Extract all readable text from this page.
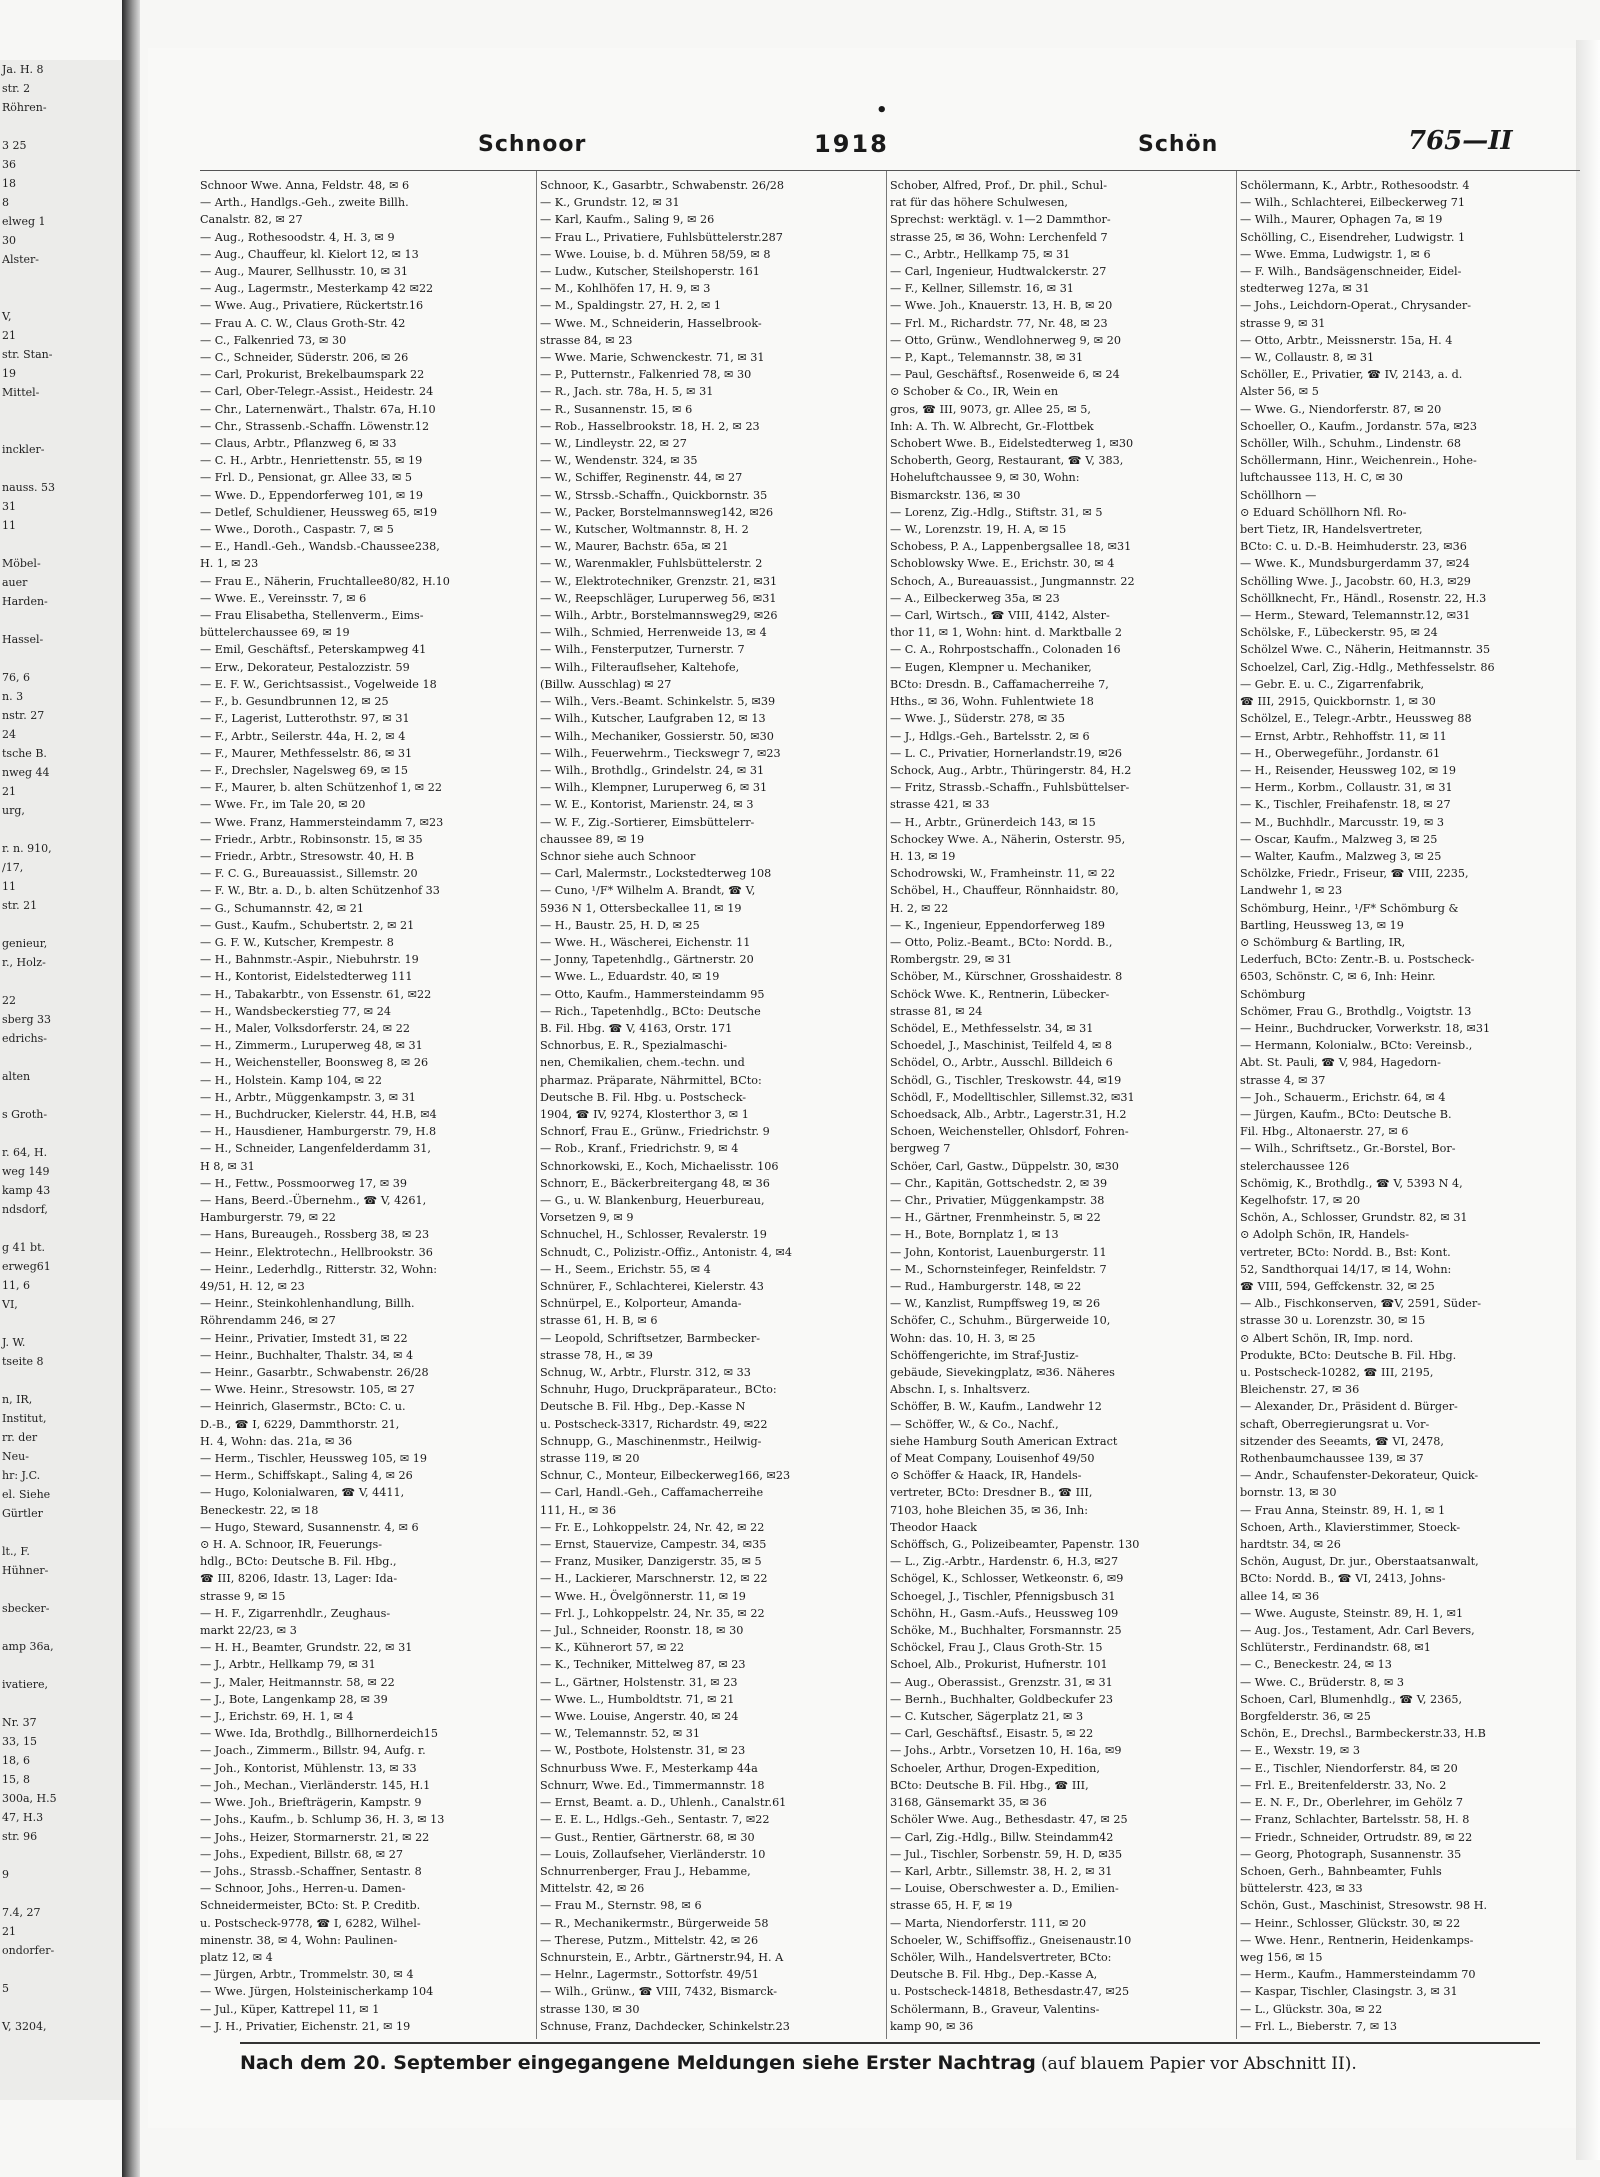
Ja. H. 8
str. 2
Röhren-

3 25
36
18
8
elweg 1
30
Alster-

V,
21
str. Stan-
19
Mittel-

inckler-

nauss. 53
31
11

Möbel-
auer
Harden-

Hassel-

76, 6
n. 3
nstr. 27
24
tsche B.
nweg 44
21
urg,

r. n. 910,
/17,
11
str. 21

genieur,
r., Holz-

22
sberg 33
edrichs-

alten

s Groth-

r. 64, H.
weg 149
kamp 43
ndsdorf,

g 41 bt.
erweg61
11, 6
VI,

J. W.
tseite 8

n, IR,
Institut,
rr. der
Neu-
hr: J.C.
el. Siehe
Gürtler

lt., F.
Hühner-

sbecker-

amp 36a,

ivatiere,

Nr. 37
33, 15
18, 6
15, 8
300a, H.5
47, H.3
str. 96

9

7.4, 27
21
ondorfer-

5

V, 3204,
•
Schnoor	1918	Schön	765—II
Schnoor Wwe. Anna, Feldstr. 48, ✉ 6
— Arth., Handlgs.-Geh., zweite Billh.
Canalstr. 82, ✉ 27
— Aug., Rothesoodstr. 4, H. 3, ✉ 9
— Aug., Chauffeur, kl. Kielort 12, ✉ 13
— Aug., Maurer, Sellhusstr. 10, ✉ 31
— Aug., Lagermstr., Mesterkamp 42 ✉22
— Wwe. Aug., Privatiere, Rückertstr.16
— Frau A. C. W., Claus Groth-Str. 42
— C., Falkenried 73, ✉ 30
— C., Schneider, Süderstr. 206, ✉ 26
— Carl, Prokurist, Brekelbaumspark 22
— Carl, Ober-Telegr.-Assist., Heidestr. 24
— Chr., Laternenwärt., Thalstr. 67a, H.10
— Chr., Strassenb.-Schaffn. Löwenstr.12
— Claus, Arbtr., Pflanzweg 6, ✉ 33
— C. H., Arbtr., Henriettenstr. 55, ✉ 19
— Frl. D., Pensionat, gr. Allee 33, ✉ 5
— Wwe. D., Eppendorferweg 101, ✉ 19
— Detlef, Schuldiener, Heussweg 65, ✉19
— Wwe., Doroth., Caspastr. 7, ✉ 5
— E., Handl.-Geh., Wandsb.-Chaussee238,
H. 1, ✉ 23
— Frau E., Näherin, Fruchtallee80/82, H.10
— Wwe. E., Vereinsstr. 7, ✉ 6
— Frau Elisabetha, Stellenverm., Eims-
büttelerchaussee 69, ✉ 19
— Emil, Geschäftsf., Peterskampweg 41
— Erw., Dekorateur, Pestalozzistr. 59
— E. F. W., Gerichtsassist., Vogelweide 18
— F., b. Gesundbrunnen 12, ✉ 25
— F., Lagerist, Lutterothstr. 97, ✉ 31
— F., Arbtr., Seilerstr. 44a, H. 2, ✉ 4
— F., Maurer, Methfesselstr. 86, ✉ 31
— F., Drechsler, Nagelsweg 69, ✉ 15
— F., Maurer, b. alten Schützenhof 1, ✉ 22
— Wwe. Fr., im Tale 20, ✉ 20
— Wwe. Franz, Hammersteindamm 7, ✉23
— Friedr., Arbtr., Robinsonstr. 15, ✉ 35
— Friedr., Arbtr., Stresowstr. 40, H. B
— F. C. G., Bureauassist., Sillemstr. 20
— F. W., Btr. a. D., b. alten Schützenhof 33
— G., Schumannstr. 42, ✉ 21
— Gust., Kaufm., Schubertstr. 2, ✉ 21
— G. F. W., Kutscher, Krempestr. 8
— H., Bahnmstr.-Aspir., Niebuhrstr. 19
— H., Kontorist, Eidelstedterweg 111
— H., Tabakarbtr., von Essenstr. 61, ✉22
— H., Wandsbeckerstieg 77, ✉ 24
— H., Maler, Volksdorferstr. 24, ✉ 22
— H., Zimmerm., Luruperweg 48, ✉ 31
— H., Weichensteller, Boonsweg 8, ✉ 26
— H., Holstein. Kamp 104, ✉ 22
— H., Arbtr., Müggenkampstr. 3, ✉ 31
— H., Buchdrucker, Kielerstr. 44, H.B, ✉4
— H., Hausdiener, Hamburgerstr. 79, H.8
— H., Schneider, Langenfelderdamm 31,
H 8, ✉ 31
— H., Fettw., Possmoorweg 17, ✉ 39
— Hans, Beerd.-Übernehm., ☎ V, 4261,
Hamburgerstr. 79, ✉ 22
— Hans, Bureaugeh., Rossberg 38, ✉ 23
— Heinr., Elektrotechn., Hellbrookstr. 36
— Heinr., Lederhdlg., Ritterstr. 32, Wohn:
49/51, H. 12, ✉ 23
— Heinr., Steinkohlenhandlung, Billh.
Röhrendamm 246, ✉ 27
— Heinr., Privatier, Imstedt 31, ✉ 22
— Heinr., Buchhalter, Thalstr. 34, ✉ 4
— Heinr., Gasarbtr., Schwabenstr. 26/28
— Wwe. Heinr., Stresowstr. 105, ✉ 27
— Heinrich, Glasermstr., BCto: C. u.
D.-B., ☎ I, 6229, Dammthorstr. 21,
H. 4, Wohn: das. 21a, ✉ 36
— Herm., Tischler, Heussweg 105, ✉ 19
— Herm., Schiffskapt., Saling 4, ✉ 26
— Hugo, Kolonialwaren, ☎ V, 4411,
Beneckestr. 22, ✉ 18
— Hugo, Steward, Susannenstr. 4, ✉ 6
⊙ H. A. Schnoor, IR, Feuerungs-
hdlg., BCto: Deutsche B. Fil. Hbg.,
☎ III, 8206, Idastr. 13, Lager: Ida-
strasse 9, ✉ 15
— H. F., Zigarrenhdlr., Zeughaus-
markt 22/23, ✉ 3
— H. H., Beamter, Grundstr. 22, ✉ 31
— J., Arbtr., Hellkamp 79, ✉ 31
— J., Maler, Heitmannstr. 58, ✉ 22
— J., Bote, Langenkamp 28, ✉ 39
— J., Erichstr. 69, H. 1, ✉ 4
— Wwe. Ida, Brothdlg., Billhornerdeich15
— Joach., Zimmerm., Billstr. 94, Aufg. r.
— Joh., Kontorist, Mühlenstr. 13, ✉ 33
— Joh., Mechan., Vierländerstr. 145, H.1
— Wwe. Joh., Briefträgerin, Kampstr. 9
— Johs., Kaufm., b. Schlump 36, H. 3, ✉ 13
— Johs., Heizer, Stormarnerstr. 21, ✉ 22
— Johs., Expedient, Billstr. 68, ✉ 27
— Johs., Strassb.-Schaffner, Sentastr. 8
— Schnoor, Johs., Herren-u. Damen-
Schneidermeister, BCto: St. P. Creditb.
u. Postscheck-9778, ☎ I, 6282, Wilhel-
minenstr. 38, ✉ 4, Wohn: Paulinen-
platz 12, ✉ 4
— Jürgen, Arbtr., Trommelstr. 30, ✉ 4
— Wwe. Jürgen, Holsteinischerkamp 104
— Jul., Küper, Kattrepel 11, ✉ 1
— J. H., Privatier, Eichenstr. 21, ✉ 19
Schnoor, K., Gasarbtr., Schwabenstr. 26/28
— K., Grundstr. 12, ✉ 31
— Karl, Kaufm., Saling 9, ✉ 26
— Frau L., Privatiere, Fuhlsbüttelerstr.287
— Wwe. Louise, b. d. Mühren 58/59, ✉ 8
— Ludw., Kutscher, Steilshoperstr. 161
— M., Kohlhöfen 17, H. 9, ✉ 3
— M., Spaldingstr. 27, H. 2, ✉ 1
— Wwe. M., Schneiderin, Hasselbrook-
strasse 84, ✉ 23
— Wwe. Marie, Schwenckestr. 71, ✉ 31
— P., Putternstr., Falkenried 78, ✉ 30
— R., Jach. str. 78a, H. 5, ✉ 31
— R., Susannenstr. 15, ✉ 6
— Rob., Hasselbrookstr. 18, H. 2, ✉ 23
— W., Lindleystr. 22, ✉ 27
— W., Wendenstr. 324, ✉ 35
— W., Schiffer, Reginenstr. 44, ✉ 27
— W., Strssb.-Schaffn., Quickbornstr. 35
— W., Packer, Borstelmannsweg142, ✉26
— W., Kutscher, Woltmannstr. 8, H. 2
— W., Maurer, Bachstr. 65a, ✉ 21
— W., Warenmakler, Fuhlsbüttelerstr. 2
— W., Elektrotechniker, Grenzstr. 21, ✉31
— W., Reepschläger, Luruperweg 56, ✉31
— Wilh., Arbtr., Borstelmannsweg29, ✉26
— Wilh., Schmied, Herrenweide 13, ✉ 4
— Wilh., Fensterputzer, Turnerstr. 7
— Wilh., Filterauflseher, Kaltehofe,
(Billw. Ausschlag) ✉ 27
— Wilh., Vers.-Beamt. Schinkelstr. 5, ✉39
— Wilh., Kutscher, Laufgraben 12, ✉ 13
— Wilh., Mechaniker, Gossierstr. 50, ✉30
— Wilh., Feuerwehrm., Tieckswegr 7, ✉23
— Wilh., Brothdlg., Grindelstr. 24, ✉ 31
— Wilh., Klempner, Luruperweg 6, ✉ 31
— W. E., Kontorist, Marienstr. 24, ✉ 3
— W. F., Zig.-Sortierer, Eimsbüttelerr-
chaussee 89, ✉ 19
Schnor siehe auch Schnoor
— Carl, Malermstr., Lockstedterweg 108
— Cuno, ¹/F* Wilhelm A. Brandt, ☎ V,
5936 N 1, Ottersbeckallee 11, ✉ 19
— H., Baustr. 25, H. D, ✉ 25
— Wwe. H., Wäscherei, Eichenstr. 11
— Jonny, Tapetenhdlg., Gärtnerstr. 20
— Wwe. L., Eduardstr. 40, ✉ 19
— Otto, Kaufm., Hammersteindamm 95
— Rich., Tapetenhdlg., BCto: Deutsche
B. Fil. Hbg. ☎ V, 4163, Orstr. 171
Schnorbus, E. R., Spezialmaschi-
nen, Chemikalien, chem.-techn. und
pharmaz. Präparate, Nährmittel, BCto:
Deutsche B. Fil. Hbg. u. Postscheck-
1904, ☎ IV, 9274, Klosterthor 3, ✉ 1
Schnorf, Frau E., Grünw., Friedrichstr. 9
— Rob., Kranf., Friedrichstr. 9, ✉ 4
Schnorkowski, E., Koch, Michaelisstr. 106
Schnorr, E., Bäckerbreitergang 48, ✉ 36
— G., u. W. Blankenburg, Heuerbureau,
Vorsetzen 9, ✉ 9
Schnuchel, H., Schlosser, Revalerstr. 19
Schnudt, C., Polizistr.-Offiz., Antonistr. 4, ✉4
— H., Seem., Erichstr. 55, ✉ 4
Schnürer, F., Schlachterei, Kielerstr. 43
Schnürpel, E., Kolporteur, Amanda-
strasse 61, H. B, ✉ 6
— Leopold, Schriftsetzer, Barmbecker-
strasse 78, H., ✉ 39
Schnug, W., Arbtr., Flurstr. 312, ✉ 33
Schnuhr, Hugo, Druckpräparateur., BCto:
Deutsche B. Fil. Hbg., Dep.-Kasse N
u. Postscheck-3317, Richardstr. 49, ✉22
Schnupp, G., Maschinenmstr., Heilwig-
strasse 119, ✉ 20
Schnur, C., Monteur, Eilbeckerweg166, ✉23
— Carl, Handl.-Geh., Caffamacherreihe
111, H., ✉ 36
— Fr. E., Lohkoppelstr. 24, Nr. 42, ✉ 22
— Ernst, Stauervize, Campestr. 34, ✉35
— Franz, Musiker, Danzigerstr. 35, ✉ 5
— H., Lackierer, Marschnerstr. 12, ✉ 22
— Wwe. H., Övelgönnerstr. 11, ✉ 19
— Frl. J., Lohkoppelstr. 24, Nr. 35, ✉ 22
— Jul., Schneider, Roonstr. 18, ✉ 30
— K., Kühnerort 57, ✉ 22
— K., Techniker, Mittelweg 87, ✉ 23
— L., Gärtner, Holstenstr. 31, ✉ 23
— Wwe. L., Humboldtstr. 71, ✉ 21
— Wwe. Louise, Angerstr. 40, ✉ 24
— W., Telemannstr. 52, ✉ 31
— W., Postbote, Holstenstr. 31, ✉ 23
Schnurbuss Wwe. F., Mesterkamp 44a
Schnurr, Wwe. Ed., Timmermannstr. 18
— Ernst, Beamt. a. D., Uhlenh., Canalstr.61
— E. E. L., Hdlgs.-Geh., Sentastr. 7, ✉22
— Gust., Rentier, Gärtnerstr. 68, ✉ 30
— Louis, Zollaufseher, Vierländerstr. 10
Schnurrenberger, Frau J., Hebamme,
Mittelstr. 42, ✉ 26
— Frau M., Sternstr. 98, ✉ 6
— R., Mechanikermstr., Bürgerweide 58
— Therese, Putzm., Mittelstr. 42, ✉ 26
Schnurstein, E., Arbtr., Gärtnerstr.94, H. A
— Helnr., Lagermstr., Sottorfstr. 49/51
— Wilh., Grünw., ☎ VIII, 7432, Bismarck-
strasse 130, ✉ 30
Schnuse, Franz, Dachdecker, Schinkelstr.23
Schober, Alfred, Prof., Dr. phil., Schul-
rat für das höhere Schulwesen,
Sprechst: werktägl. v. 1—2 Dammthor-
strasse 25, ✉ 36, Wohn: Lerchenfeld 7
— C., Arbtr., Hellkamp 75, ✉ 31
— Carl, Ingenieur, Hudtwalckerstr. 27
— F., Kellner, Sillemstr. 16, ✉ 31
— Wwe. Joh., Knauerstr. 13, H. B, ✉ 20
— Frl. M., Richardstr. 77, Nr. 48, ✉ 23
— Otto, Grünw., Wendlohnerweg 9, ✉ 20
— P., Kapt., Telemannstr. 38, ✉ 31
— Paul, Geschäftsf., Rosenweide 6, ✉ 24
⊙ Schober & Co., IR, Wein en
gros, ☎ III, 9073, gr. Allee 25, ✉ 5,
Inh: A. Th. W. Albrecht, Gr.-Flottbek
Schobert Wwe. B., Eidelstedterweg 1, ✉30
Schoberth, Georg, Restaurant, ☎ V, 383,
Hoheluftchaussee 9, ✉ 30, Wohn:
Bismarckstr. 136, ✉ 30
— Lorenz, Zig.-Hdlg., Stiftstr. 31, ✉ 5
— W., Lorenzstr. 19, H. A, ✉ 15
Schobess, P. A., Lappenbergsallee 18, ✉31
Schoblowsky Wwe. E., Erichstr. 30, ✉ 4
Schoch, A., Bureauassist., Jungmannstr. 22
— A., Eilbeckerweg 35a, ✉ 23
— Carl, Wirtsch., ☎ VIII, 4142, Alster-
thor 11, ✉ 1, Wohn: hint. d. Marktballe 2
— C. A., Rohrpostschaffn., Colonaden 16
— Eugen, Klempner u. Mechaniker,
BCto: Dresdn. B., Caffamacherreihe 7,
Hths., ✉ 36, Wohn. Fuhlentwiete 18
— Wwe. J., Süderstr. 278, ✉ 35
— J., Hdlgs.-Geh., Bartelsstr. 2, ✉ 6
— L. C., Privatier, Hornerlandstr.19, ✉26
Schock, Aug., Arbtr., Thüringerstr. 84, H.2
— Fritz, Strassb.-Schaffn., Fuhlsbüttelser-
strasse 421, ✉ 33
— H., Arbtr., Grünerdeich 143, ✉ 15
Schockey Wwe. A., Näherin, Osterstr. 95,
H. 13, ✉ 19
Schodrowski, W., Framheinstr. 11, ✉ 22
Schöbel, H., Chauffeur, Rönnhaidstr. 80,
H. 2, ✉ 22
— K., Ingenieur, Eppendorferweg 189
— Otto, Poliz.-Beamt., BCto: Nordd. B.,
Rombergstr. 29, ✉ 31
Schöber, M., Kürschner, Grosshaidestr. 8
Schöck Wwe. K., Rentnerin, Lübecker-
strasse 81, ✉ 24
Schödel, E., Methfesselstr. 34, ✉ 31
Schoedel, J., Maschinist, Teilfeld 4, ✉ 8
Schödel, O., Arbtr., Ausschl. Billdeich 6
Schödl, G., Tischler, Treskowstr. 44, ✉19
Schödl, F., Modelltischler, Sillemst.32, ✉31
Schoedsack, Alb., Arbtr., Lagerstr.31, H.2
Schoen, Weichensteller, Ohlsdorf, Fohren-
bergweg 7
Schöer, Carl, Gastw., Düppelstr. 30, ✉30
— Chr., Kapitän, Gottschedstr. 2, ✉ 39
— Chr., Privatier, Müggenkampstr. 38
— H., Gärtner, Frenmheinstr. 5, ✉ 22
— H., Bote, Bornplatz 1, ✉ 13
— John, Kontorist, Lauenburgerstr. 11
— M., Schornsteinfeger, Reinfeldstr. 7
— Rud., Hamburgerstr. 148, ✉ 22
— W., Kanzlist, Rumpffsweg 19, ✉ 26
Schöfer, C., Schuhm., Bürgerweide 10,
Wohn: das. 10, H. 3, ✉ 25
Schöffengerichte, im Straf-Justiz-
gebäude, Sievekingplatz, ✉36. Näheres
Abschn. I, s. Inhaltsverz.
Schöffer, B. W., Kaufm., Landwehr 12
— Schöffer, W., & Co., Nachf.,
siehe Hamburg South American Extract
of Meat Company, Louisenhof 49/50
⊙ Schöffer & Haack, IR, Handels-
vertreter, BCto: Dresdner B., ☎ III,
7103, hohe Bleichen 35, ✉ 36, Inh:
Theodor Haack
Schöffsch, G., Polizeibeamter, Papenstr. 130
— L., Zig.-Arbtr., Hardenstr. 6, H.3, ✉27
Schögel, K., Schlosser, Wetkeonstr. 6, ✉9
Schoegel, J., Tischler, Pfennigsbusch 31
Schöhn, H., Gasm.-Aufs., Heussweg 109
Schöke, M., Buchhalter, Forsmannstr. 25
Schöckel, Frau J., Claus Groth-Str. 15
Schoel, Alb., Prokurist, Hufnerstr. 101
— Aug., Oberassist., Grenzstr. 31, ✉ 31
— Bernh., Buchhalter, Goldbeckufer 23
— C. Kutscher, Sägerplatz 21, ✉ 3
— Carl, Geschäftsf., Eisastr. 5, ✉ 22
— Johs., Arbtr., Vorsetzen 10, H. 16a, ✉9
Schoeler, Arthur, Drogen-Expedition,
BCto: Deutsche B. Fil. Hbg., ☎ III,
3168, Gänsemarkt 35, ✉ 36
Schöler Wwe. Aug., Bethesdastr. 47, ✉ 25
— Carl, Zig.-Hdlg., Billw. Steindamm42
— Jul., Tischler, Sorbenstr. 59, H. D, ✉35
— Karl, Arbtr., Sillemstr. 38, H. 2, ✉ 31
— Louise, Oberschwester a. D., Emilien-
strasse 65, H. F, ✉ 19
— Marta, Niendorferstr. 111, ✉ 20
Schoeler, W., Schiffsoffiz., Gneisenaustr.10
Schöler, Wilh., Handelsvertreter, BCto:
Deutsche B. Fil. Hbg., Dep.-Kasse A,
u. Postscheck-14818, Bethesdastr.47, ✉25
Schölermann, B., Graveur, Valentins-
kamp 90, ✉ 36
Schölermann, K., Arbtr., Rothesoodstr. 4
— Wilh., Schlachterei, Eilbeckerweg 71
— Wilh., Maurer, Ophagen 7a, ✉ 19
Schölling, C., Eisendreher, Ludwigstr. 1
— Wwe. Emma, Ludwigstr. 1, ✉ 6
— F. Wilh., Bandsägenschneider, Eidel-
stedterweg 127a, ✉ 31
— Johs., Leichdorn-Operat., Chrysander-
strasse 9, ✉ 31
— Otto, Arbtr., Meissnerstr. 15a, H. 4
— W., Collaustr. 8, ✉ 31
Schöller, E., Privatier, ☎ IV, 2143, a. d.
Alster 56, ✉ 5
— Wwe. G., Niendorferstr. 87, ✉ 20
Schoeller, O., Kaufm., Jordanstr. 57a, ✉23
Schöller, Wilh., Schuhm., Lindenstr. 68
Schöllermann, Hinr., Weichenrein., Hohe-
luftchaussee 113, H. C, ✉ 30
Schöllhorn —
⊙ Eduard Schöllhorn Nfl. Ro-
bert Tietz, IR, Handelsvertreter,
BCto: C. u. D.-B. Heimhuderstr. 23, ✉36
— Wwe. K., Mundsburgerdamm 37, ✉24
Schölling Wwe. J., Jacobstr. 60, H.3, ✉29
Schöllknecht, Fr., Händl., Rosenstr. 22, H.3
— Herm., Steward, Telemannstr.12, ✉31
Schölske, F., Lübeckerstr. 95, ✉ 24
Schölzel Wwe. C., Näherin, Heitmannstr. 35
Schoelzel, Carl, Zig.-Hdlg., Methfesselstr. 86
— Gebr. E. u. C., Zigarrenfabrik,
☎ III, 2915, Quickbornstr. 1, ✉ 30
Schölzel, E., Telegr.-Arbtr., Heussweg 88
— Ernst, Arbtr., Rehhoffstr. 11, ✉ 11
— H., Oberwegeführ., Jordanstr. 61
— H., Reisender, Heussweg 102, ✉ 19
— Herm., Korbm., Collaustr. 31, ✉ 31
— K., Tischler, Freihafenstr. 18, ✉ 27
— M., Buchhdlr., Marcusstr. 19, ✉ 3
— Oscar, Kaufm., Malzweg 3, ✉ 25
— Walter, Kaufm., Malzweg 3, ✉ 25
Schölzke, Friedr., Friseur, ☎ VIII, 2235,
Landwehr 1, ✉ 23
Schömburg, Heinr., ¹/F* Schömburg &
Bartling, Heussweg 13, ✉ 19
⊙ Schömburg & Bartling, IR,
Lederfuch, BCto: Zentr.-B. u. Postscheck-
6503, Schönstr. C, ✉ 6, Inh: Heinr.
Schömburg
Schömer, Frau G., Brothdlg., Voigtstr. 13
— Heinr., Buchdrucker, Vorwerkstr. 18, ✉31
— Hermann, Kolonialw., BCto: Vereinsb.,
Abt. St. Pauli, ☎ V, 984, Hagedorn-
strasse 4, ✉ 37
— Joh., Schauerm., Erichstr. 64, ✉ 4
— Jürgen, Kaufm., BCto: Deutsche B.
Fil. Hbg., Altonaerstr. 27, ✉ 6
— Wilh., Schriftsetz., Gr.-Borstel, Bor-
stelerchaussee 126
Schömig, K., Brothdlg., ☎ V, 5393 N 4,
Kegelhofstr. 17, ✉ 20
Schön, A., Schlosser, Grundstr. 82, ✉ 31
⊙ Adolph Schön, IR, Handels-
vertreter, BCto: Nordd. B., Bst: Kont.
52, Sandthorquai 14/17, ✉ 14, Wohn:
☎ VIII, 594, Geffckenstr. 32, ✉ 25
— Alb., Fischkonserven, ☎V, 2591, Süder-
strasse 30 u. Lorenzstr. 30, ✉ 15
⊙ Albert Schön, IR, Imp. nord.
Produkte, BCto: Deutsche B. Fil. Hbg.
u. Postscheck-10282, ☎ III, 2195,
Bleichenstr. 27, ✉ 36
— Alexander, Dr., Präsident d. Bürger-
schaft, Oberregierungsrat u. Vor-
sitzender des Seeamts, ☎ VI, 2478,
Rothenbaumchaussee 139, ✉ 37
— Andr., Schaufenster-Dekorateur, Quick-
bornstr. 13, ✉ 30
— Frau Anna, Steinstr. 89, H. 1, ✉ 1
Schoen, Arth., Klavierstimmer, Stoeck-
hardtstr. 34, ✉ 26
Schön, August, Dr. jur., Oberstaatsanwalt,
BCto: Nordd. B., ☎ VI, 2413, Johns-
allee 14, ✉ 36
— Wwe. Auguste, Steinstr. 89, H. 1, ✉1
— Aug. Jos., Testament, Adr. Carl Bevers,
Schlüterstr., Ferdinandstr. 68, ✉1
— C., Beneckestr. 24, ✉ 13
— Wwe. C., Brüderstr. 8, ✉ 3
Schoen, Carl, Blumenhdlg., ☎ V, 2365,
Borgfelderstr. 36, ✉ 25
Schön, E., Drechsl., Barmbeckerstr.33, H.B
— E., Wexstr. 19, ✉ 3
— E., Tischler, Niendorferstr. 84, ✉ 20
— Frl. E., Breitenfelderstr. 33, No. 2
— E. N. F., Dr., Oberlehrer, im Gehölz 7
— Franz, Schlachter, Bartelsstr. 58, H. 8
— Friedr., Schneider, Ortrudstr. 89, ✉ 22
— Georg, Photograph, Susannenstr. 35
Schoen, Gerh., Bahnbeamter, Fuhls
büttelerstr. 423, ✉ 33
Schön, Gust., Maschinist, Stresowstr. 98 H.
— Heinr., Schlosser, Glückstr. 30, ✉ 22
— Wwe. Henr., Rentnerin, Heidenkamps-
weg 156, ✉ 15
— Herm., Kaufm., Hammersteindamm 70
— Kaspar, Tischler, Clasingstr. 3, ✉ 31
— L., Glückstr. 30a, ✉ 22
— Frl. L., Bieberstr. 7, ✉ 13
Nach dem 20. September eingegangene Meldungen siehe Erster Nachtrag (auf blauem Papier vor Abschnitt II).
